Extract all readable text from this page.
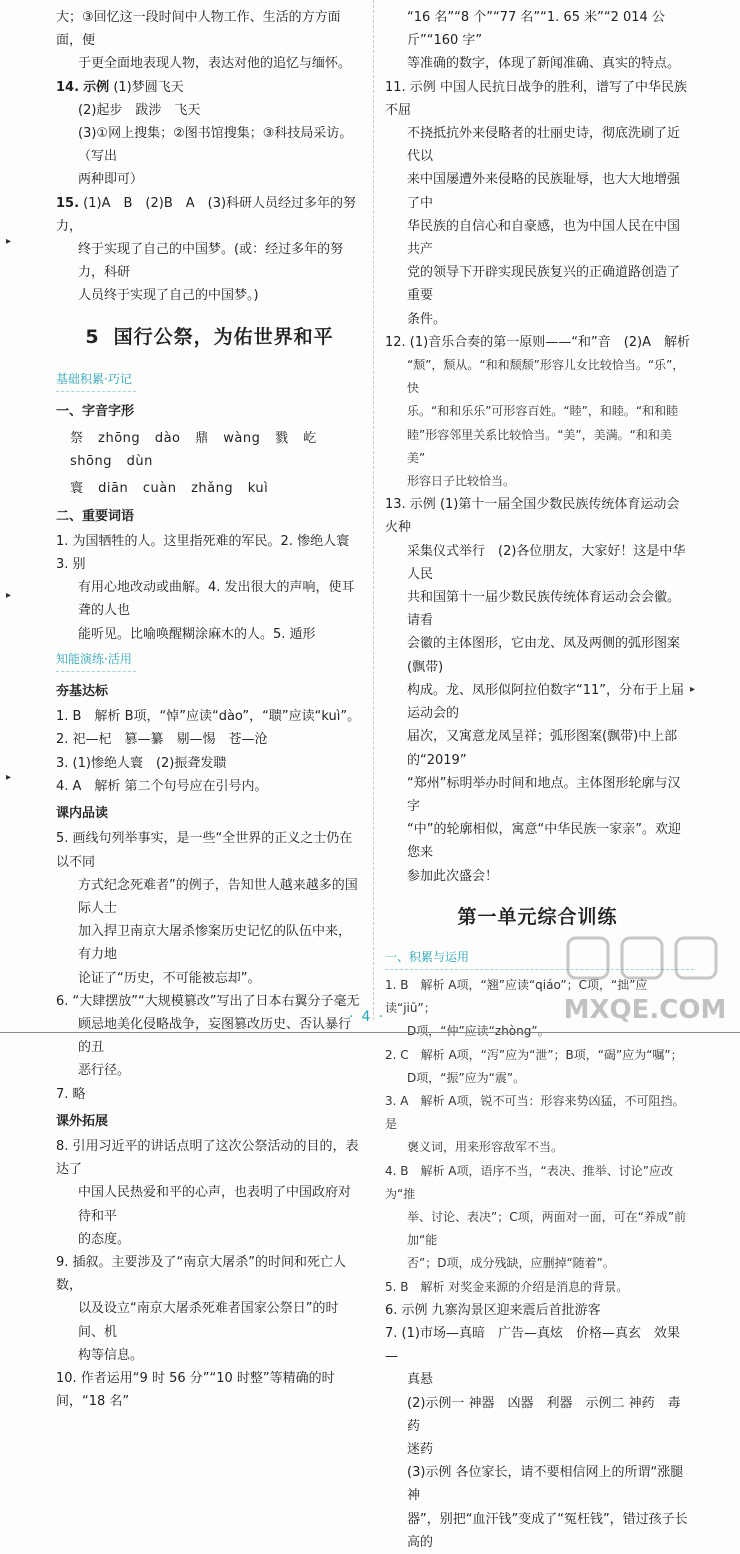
大；③回忆这一段时间中人物工作、生活的方方面面，便

于更全面地表现人物，表达对他的追忆与缅怀。

14. 示例 (1)梦圆飞天

(2)起步　跋涉　飞天

(3)①网上搜集；②图书馆搜集；③科技局采访。（写出

两种即可）

15. (1)A　B　(2)B　A　(3)科研人员经过多年的努力，

终于实现了自己的中国梦。(或：经过多年的努力，科研

人员终于实现了自己的中国梦。)

5 国行公祭，为佑世界和平
基础积累·巧记
一、字音字形
祭 zhōng dào 鼎 wàng 戮 屹 shōng dùn
寰 diān cuàn zhǎng kuì
二、重要词语

1. 为国牺牲的人。这里指死难的军民。2. 惨绝人寰　3. 别

有用心地改动或曲解。4. 发出很大的声响，使耳聋的人也

能听见。比喻唤醒糊涂麻木的人。5. 遁形

知能演练·活用
夯基达标

1. B　解析 B项，“悼”应读“dào”，“聩”应读“kuì”。

2. 祀—杞　篡—纂　剔—惕　苍—沧

3. (1)惨绝人寰　(2)振聋发聩

4. A　解析 第二个句号应在引号内。

课内品读

5. 画线句列举事实，是一些“全世界的正义之士仍在以不同

方式纪念死难者”的例子，告知世人越来越多的国际人士

加入捍卫南京大屠杀惨案历史记忆的队伍中来，有力地

论证了“历史，不可能被忘却”。

6. “大肆摆放”“大规模篡改”写出了日本右翼分子毫无

顾忌地美化侵略战争，妄图篡改历史、否认暴行的丑

恶行径。

7. 略

课外拓展

8. 引用习近平的讲话点明了这次公祭活动的目的，表达了

中国人民热爱和平的心声，也表明了中国政府对待和平

的态度。

9. 插叙。主要涉及了“南京大屠杀”的时间和死亡人数，

以及设立“南京大屠杀死难者国家公祭日”的时间、机

构等信息。

10. 作者运用“9 时 56 分”“10 时整”等精确的时间，“18 名”

“16 名”“8 个”“77 名”“1. 65 米”“2 014 公斤”“160 字”

等准确的数字，体现了新闻准确、真实的特点。

11. 示例 中国人民抗日战争的胜利，谱写了中华民族不屈

不挠抵抗外来侵略者的壮丽史诗，彻底洗刷了近代以

来中国屡遭外来侵略的民族耻辱，也大大地增强了中

华民族的自信心和自豪感，也为中国人民在中国共产

党的领导下开辟实现民族复兴的正确道路创造了重要

条件。

12. (1)音乐合奏的第一原则——“和”音　(2)A　解析

“颓”，颓从。“和和颓颓”形容儿女比较恰当。“乐”，快

乐。“和和乐乐”可形容百姓。“睦”，和睦。“和和睦

睦”形容邻里关系比较恰当。“美”，美满。“和和美美”

形容日子比较恰当。

13. 示例 (1)第十一届全国少数民族传统体育运动会火种

采集仪式举行　(2)各位朋友，大家好！这是中华人民

共和国第十一届少数民族传统体育运动会会徽。请看

会徽的主体图形，它由龙、凤及两侧的弧形图案(飘带)

构成。龙、凤形似阿拉伯数字“11”，分布于上届运动会的

届次，又寓意龙凤呈祥；弧形图案(飘带)中上部的“2019”

“郑州”标明举办时间和地点。主体图形轮廓与汉字

“中”的轮廓相似，寓意“中华民族一家亲”。欢迎您来

参加此次盛会！

第一单元综合训练
一、积累与运用

1. B　解析 A项，“翘”应读“qiáo”；C项，“拙”应读“jiū”；

D项，“仲”应读“zhòng”。

2. C　解析 A项，“泻”应为“泄”；B项，“碣”应为“嘱”；

D项，“振”应为“震”。

3. A　解析 A项，锐不可当：形容来势凶猛，不可阻挡。是

褒义词，用来形容敌军不当。

4. B　解析 A项，语序不当，“表决、推举、讨论”应改为“推

举、讨论、表决”；C项，两面对一面，可在“养成”前加“能

否”；D项，成分残缺，应删掉“随着”。

5. B　解析 对奖金来源的介绍是消息的背景。

6. 示例 九寨沟景区迎来震后首批游客

7. (1)市场—真暗　广告—真炫　价格—真玄　效果—

真悬

(2)示例一 神器　凶器　利器　示例二 神药　毒药

迷药

(3)示例 各位家长，请不要相信网上的所谓“涨腿神

器”，别把“血汗钱”变成了“冤枉钱”，错过孩子长高的

▸
▸
▸
▸
MXQE.COM
·4·
